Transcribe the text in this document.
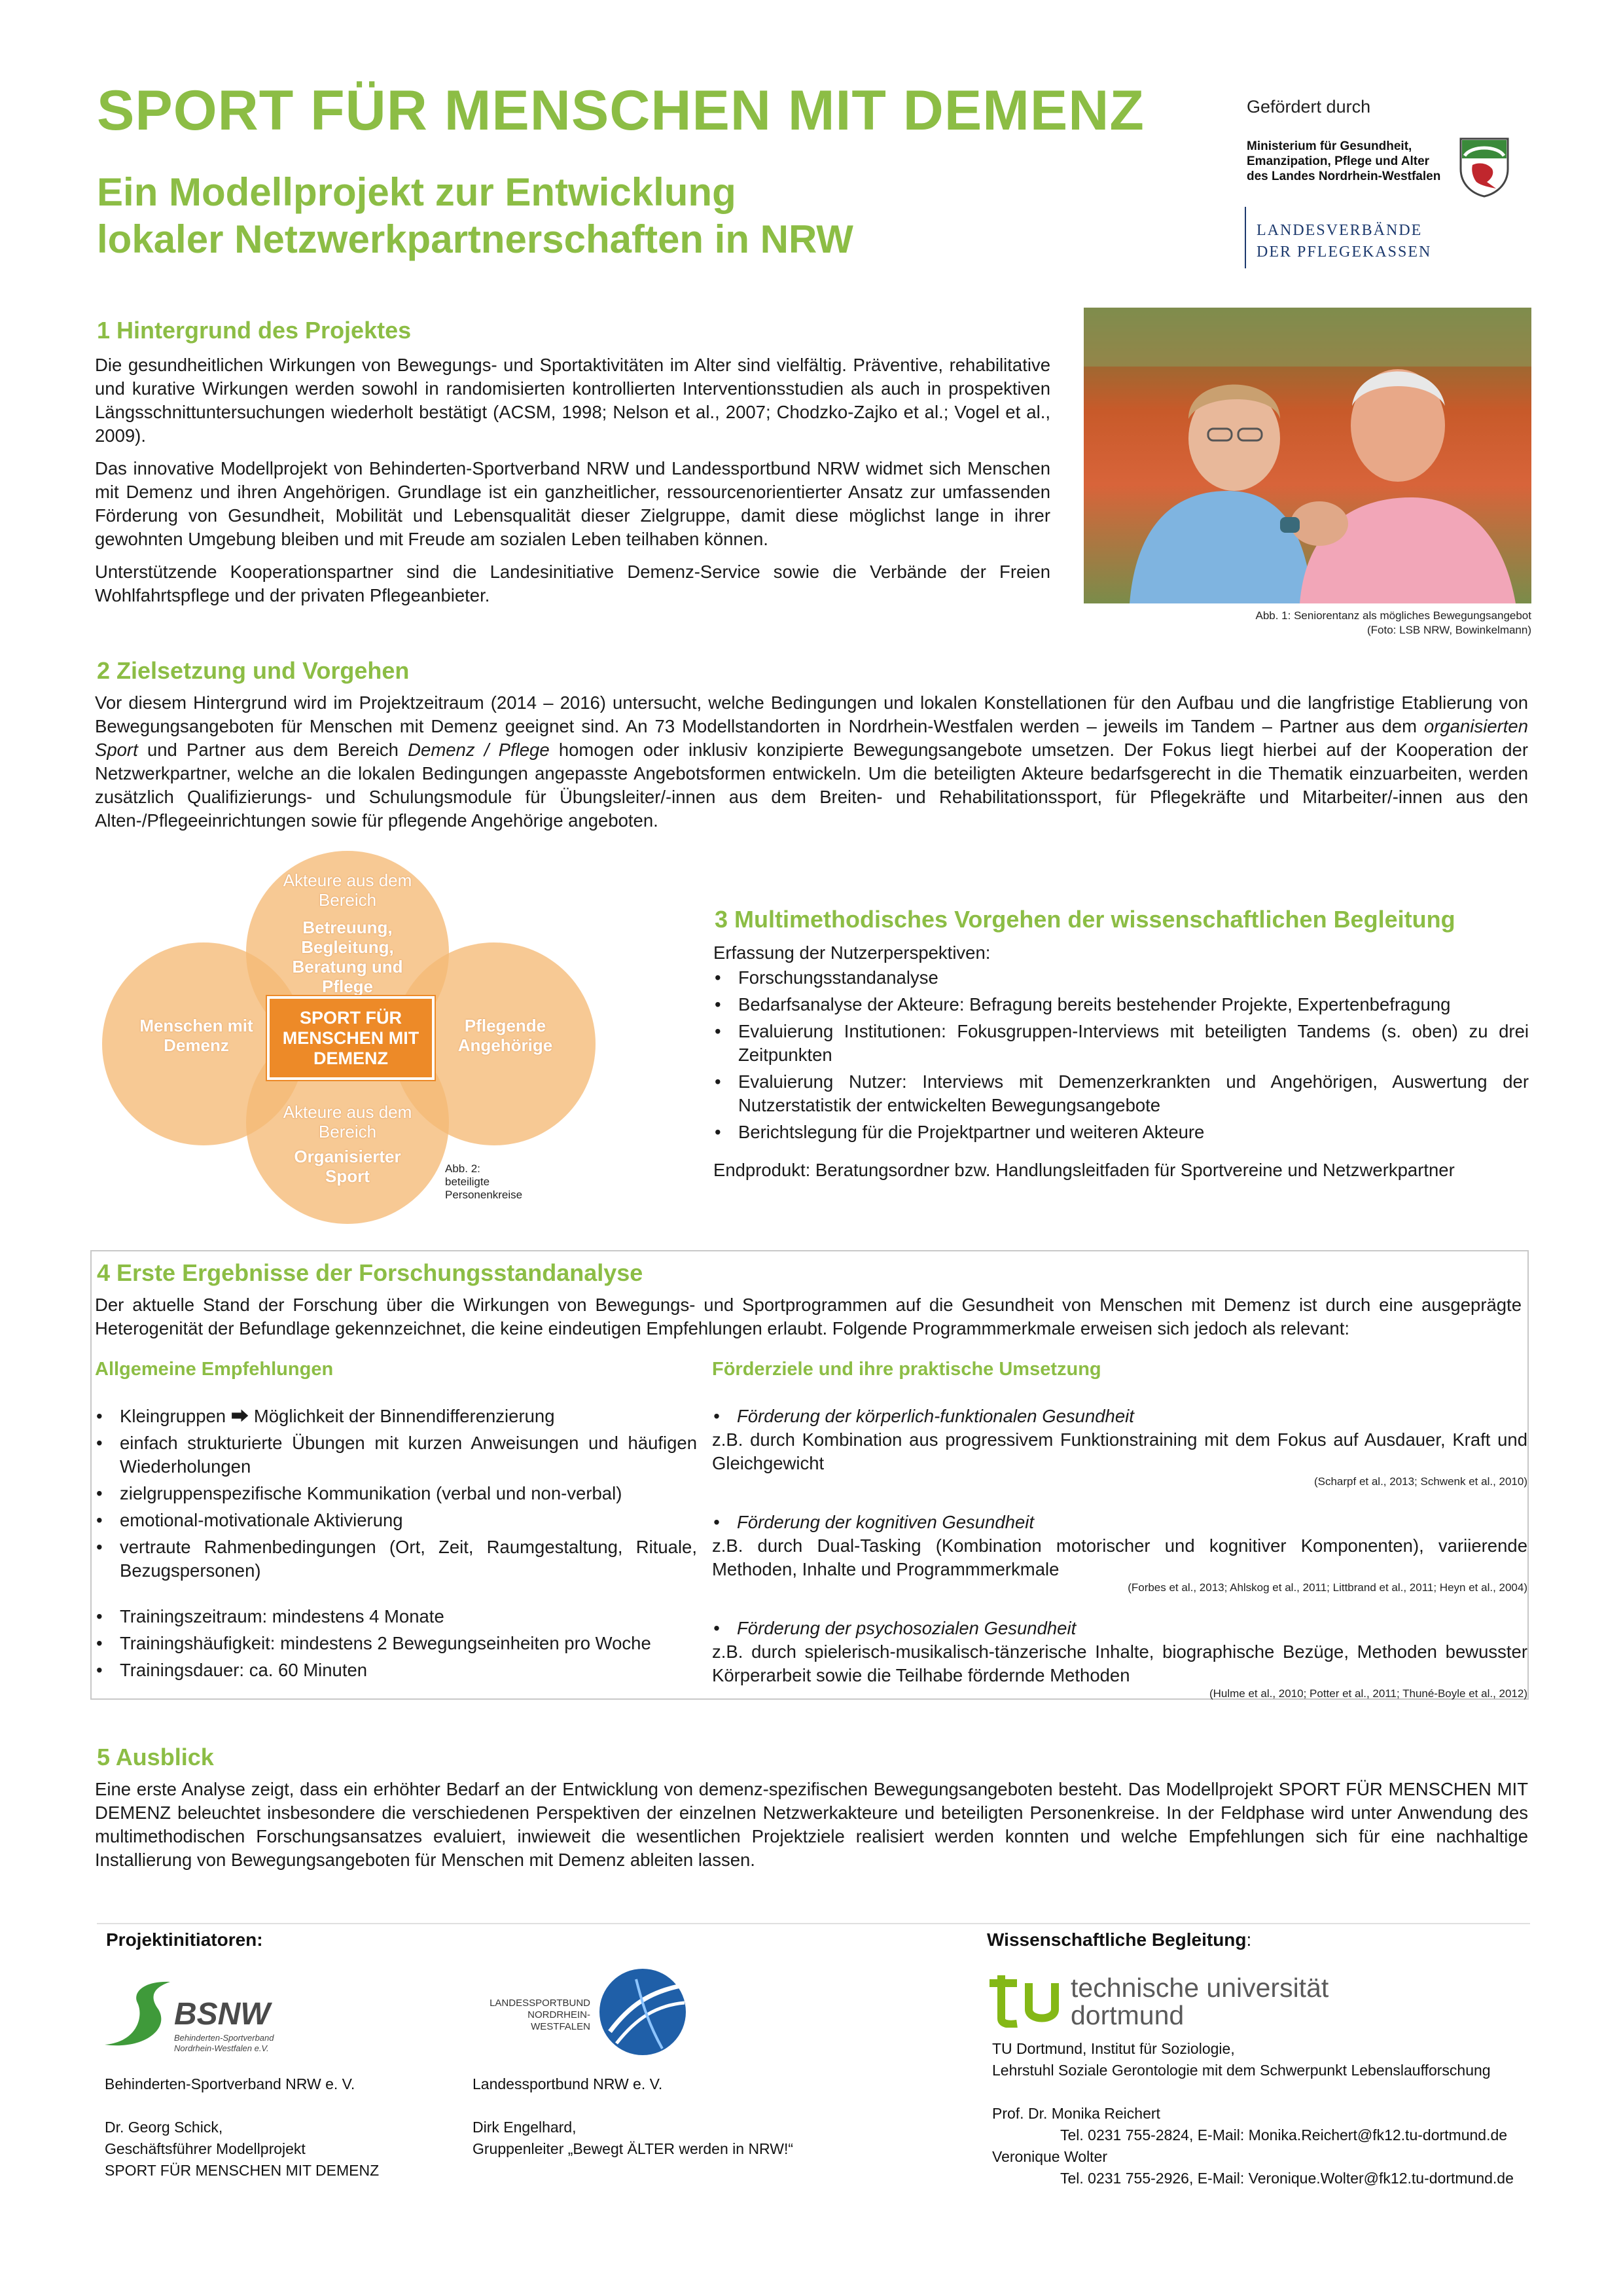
SPORT FÜR MENSCHEN MIT DEMENZ
Ein Modellprojekt zur Entwicklung
lokaler Netzwerkpartnerschaften in NRW
Gefördert durch
Ministerium für Gesundheit,
Emanzipation, Pflege und Alter
des Landes Nordrhein-Westfalen
LANDESVERBÄNDE
DER PFLEGEKASSEN
1 Hintergrund des Projektes

Die gesundheitlichen Wirkungen von Bewegungs- und Sportaktivitäten im Alter sind vielfältig. Präventive, rehabilitative und kurative Wirkungen werden sowohl in randomisierten kontrollierten Interventionsstudien als auch in prospektiven Längsschnittuntersuchungen wiederholt bestätigt (ACSM, 1998; Nelson et al., 2007; Chodzko-Zajko et al.; Vogel et al., 2009).

Das innovative Modellprojekt von Behinderten-Sportverband NRW und Landessportbund NRW widmet sich Menschen mit Demenz und ihren Angehörigen. Grundlage ist ein ganzheitlicher, ressourcenorientierter Ansatz zur umfassenden Förderung von Gesundheit, Mobilität und Lebensqualität dieser Zielgruppe, damit diese möglichst lange in ihrer gewohnten Umgebung bleiben und mit Freude am sozialen Leben teilhaben können.

Unterstützende Kooperationspartner sind die Landesinitiative Demenz-Service sowie die Verbände der Freien Wohlfahrtspflege und der privaten Pflegeanbieter.

Abb. 1: Seniorentanz als mögliches Bewegungsangebot
(Foto: LSB NRW, Bowinkelmann)
2 Zielsetzung und Vorgehen
Vor diesem Hintergrund wird im Projektzeitraum (2014 – 2016) untersucht, welche Bedingungen und lokalen Konstellationen für den Aufbau und die langfristige Etablierung von Bewegungsangeboten für Menschen mit Demenz geeignet sind. An 73 Modellstandorten in Nordrhein-Westfalen werden – jeweils im Tandem – Partner aus dem organisierten Sport und Partner aus dem Bereich Demenz / Pflege homogen oder inklusiv konzipierte Bewegungsangebote umsetzen. Der Fokus liegt hierbei auf der Kooperation der Netzwerkpartner, welche an die lokalen Bedingungen angepasste Angebotsformen entwickeln. Um die beteiligten Akteure bedarfsgerecht in die Thematik einzuarbeiten, werden zusätzlich Qualifizierungs- und Schulungsmodule für Übungsleiter/-innen aus dem Breiten- und Rehabilitationssport, für Pflegekräfte und Mitarbeiter/-innen aus den Alten-/Pflegeeinrichtungen sowie für pflegende Angehörige angeboten.
Akteure aus dem Bereich
Betreuung, Begleitung, Beratung und Pflege
Menschen mit Demenz
Pflegende Angehörige
Akteure aus dem Bereich
Organisierter Sport
SPORT FÜR MENSCHEN MIT DEMENZ
Abb. 2: beteiligte Personenkreise
3 Multimethodisches Vorgehen der wissenschaftlichen Begleitung
Erfassung der Nutzerperspektiven:
• Forschungsstandanalyse
• Bedarfsanalyse der Akteure: Befragung bereits bestehender Projekte, Expertenbefragung
• Evaluierung Institutionen: Fokusgruppen-Interviews mit beteiligten Tandems (s. oben) zu drei Zeitpunkten
• Evaluierung Nutzer: Interviews mit Demenzerkrankten und Angehörigen, Auswertung der Nutzerstatistik der entwickelten Bewegungsangebote
• Berichtslegung für die Projektpartner und weiteren Akteure
Endprodukt: Beratungsordner bzw. Handlungsleitfaden für Sportvereine und Netzwerkpartner
4 Erste Ergebnisse der Forschungsstandanalyse
Der aktuelle Stand der Forschung über die Wirkungen von Bewegungs- und Sportprogrammen auf die Gesundheit von Menschen mit Demenz ist durch eine ausgeprägte Heterogenität der Befundlage gekennzeichnet, die keine eindeutigen Empfehlungen erlaubt. Folgende Programmmerkmale erweisen sich jedoch als relevant:
Allgemeine Empfehlungen
• Kleingruppen ⮕ Möglichkeit der Binnendifferenzierung
• einfach strukturierte Übungen mit kurzen Anweisungen und häufigen Wiederholungen
• zielgruppenspezifische Kommunikation (verbal und non-verbal)
• emotional-motivationale Aktivierung
• vertraute Rahmenbedingungen (Ort, Zeit, Raumgestaltung, Rituale, Bezugspersonen)
• Trainingszeitraum: mindestens 4 Monate
• Trainingshäufigkeit: mindestens 2 Bewegungseinheiten pro Woche
• Trainingsdauer: ca. 60 Minuten
Förderziele und ihre praktische Umsetzung
• Förderung der körperlich-funktionalen Gesundheit
z.B. durch Kombination aus progressivem Funktionstraining mit dem Fokus auf Ausdauer, Kraft und Gleichgewicht
(Scharpf et al., 2013; Schwenk et al., 2010)
• Förderung der kognitiven Gesundheit
z.B. durch Dual-Tasking (Kombination motorischer und kognitiver Komponenten), variierende Methoden, Inhalte und Programmmerkmale
(Forbes et al., 2013; Ahlskog et al., 2011; Littbrand et al., 2011; Heyn et al., 2004)
• Förderung der psychosozialen Gesundheit
z.B. durch spielerisch-musikalisch-tänzerische Inhalte, biographische Bezüge, Methoden bewusster Körperarbeit sowie die Teilhabe fördernde Methoden
(Hulme et al., 2010; Potter et al., 2011; Thuné-Boyle et al., 2012)
5 Ausblick
Eine erste Analyse zeigt, dass ein erhöhter Bedarf an der Entwicklung von demenz-spezifischen Bewegungsangeboten besteht. Das Modellprojekt SPORT FÜR MENSCHEN MIT DEMENZ beleuchtet insbesondere die verschiedenen Perspektiven der einzelnen Netzwerkakteure und beteiligten Personenkreise. In der Feldphase wird unter Anwendung des multimethodischen Forschungsansatzes evaluiert, inwieweit die wesentlichen Projektziele realisiert werden konnten und welche Empfehlungen sich für eine nachhaltige Installierung von Bewegungsangeboten für Menschen mit Demenz ableiten lassen.
Projektinitiatoren:
BSNW
Behinderten-Sportverband
Nordrhein-Westfalen e.V.
Behinderten-Sportverband NRW e. V.
Dr. Georg Schick,
Geschäftsführer Modellprojekt
SPORT FÜR MENSCHEN MIT DEMENZ
LANDESSPORTBUND
NORDRHEIN-WESTFALEN
Landessportbund NRW e. V.
Dirk Engelhard,
Gruppenleiter „Bewegt ÄLTER werden in NRW!“
Wissenschaftliche Begleitung:
technische universität
dortmund
TU Dortmund, Institut für Soziologie,
Lehrstuhl Soziale Gerontologie mit dem Schwerpunkt Lebenslaufforschung
Prof. Dr. Monika Reichert
Tel. 0231 755-2824, E-Mail: Monika.Reichert@fk12.tu-dortmund.de
Veronique Wolter
Tel. 0231 755-2926, E-Mail: Veronique.Wolter@fk12.tu-dortmund.de
